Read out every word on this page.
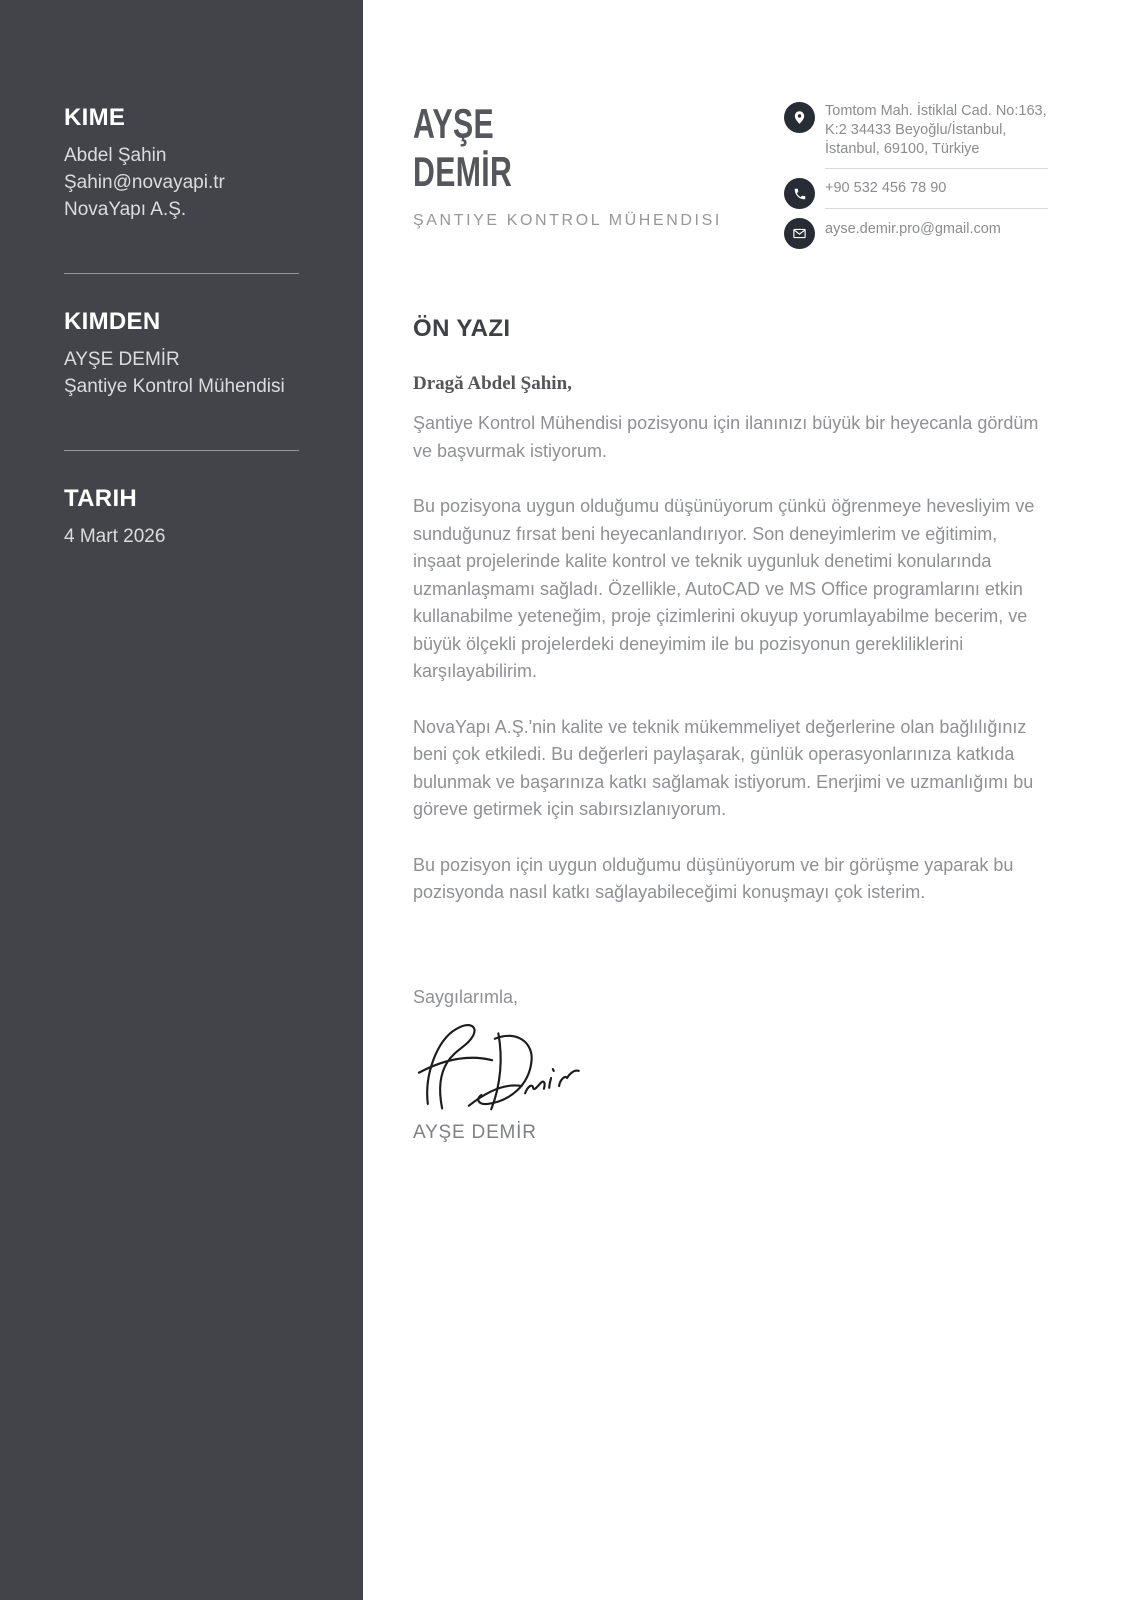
KIME

Abdel Şahin

Şahin@novayapi.tr

NovaYapı A.Ş.

KIMDEN

AYŞE DEMİR

Şantiye Kontrol Mühendisi

TARIH

4 Mart 2026

AYŞE
DEMİR
ŞANTIYE KONTROL MÜHENDISI
Tomtom Mah. İstiklal Cad. No:163,
K:2 34433 Beyoğlu/İstanbul,
İstanbul, 69100, Türkiye
+90 532 456 78 90
ayse.demir.pro@gmail.com
ÖN YAZI

Dragă Abdel Şahin,

Şantiye Kontrol Mühendisi pozisyonu için ilanınızı büyük bir heyecanla gördüm ve başvurmak istiyorum.

Bu pozisyona uygun olduğumu düşünüyorum çünkü öğrenmeye hevesliyim ve sunduğunuz fırsat beni heyecanlandırıyor. Son deneyimlerim ve eğitimim, inşaat projelerinde kalite kontrol ve teknik uygunluk denetimi konularında uzmanlaşmamı sağladı. Özellikle, AutoCAD ve MS Office programlarını etkin kullanabilme yeteneğim, proje çizimlerini okuyup yorumlayabilme becerim, ve büyük ölçekli projelerdeki deneyimim ile bu pozisyonun gerekliliklerini karşılayabilirim.

NovaYapı A.Ş.'nin kalite ve teknik mükemmeliyet değerlerine olan bağlılığınız beni çok etkiledi. Bu değerleri paylaşarak, günlük operasyonlarınıza katkıda bulunmak ve başarınıza katkı sağlamak istiyorum. Enerjimi ve uzmanlığımı bu göreve getirmek için sabırsızlanıyorum.

Bu pozisyon için uygun olduğumu düşünüyorum ve bir görüşme yaparak bu pozisyonda nasıl katkı sağlayabileceğimi konuşmayı çok isterim.

Saygılarımla,

AYŞE DEMİR
